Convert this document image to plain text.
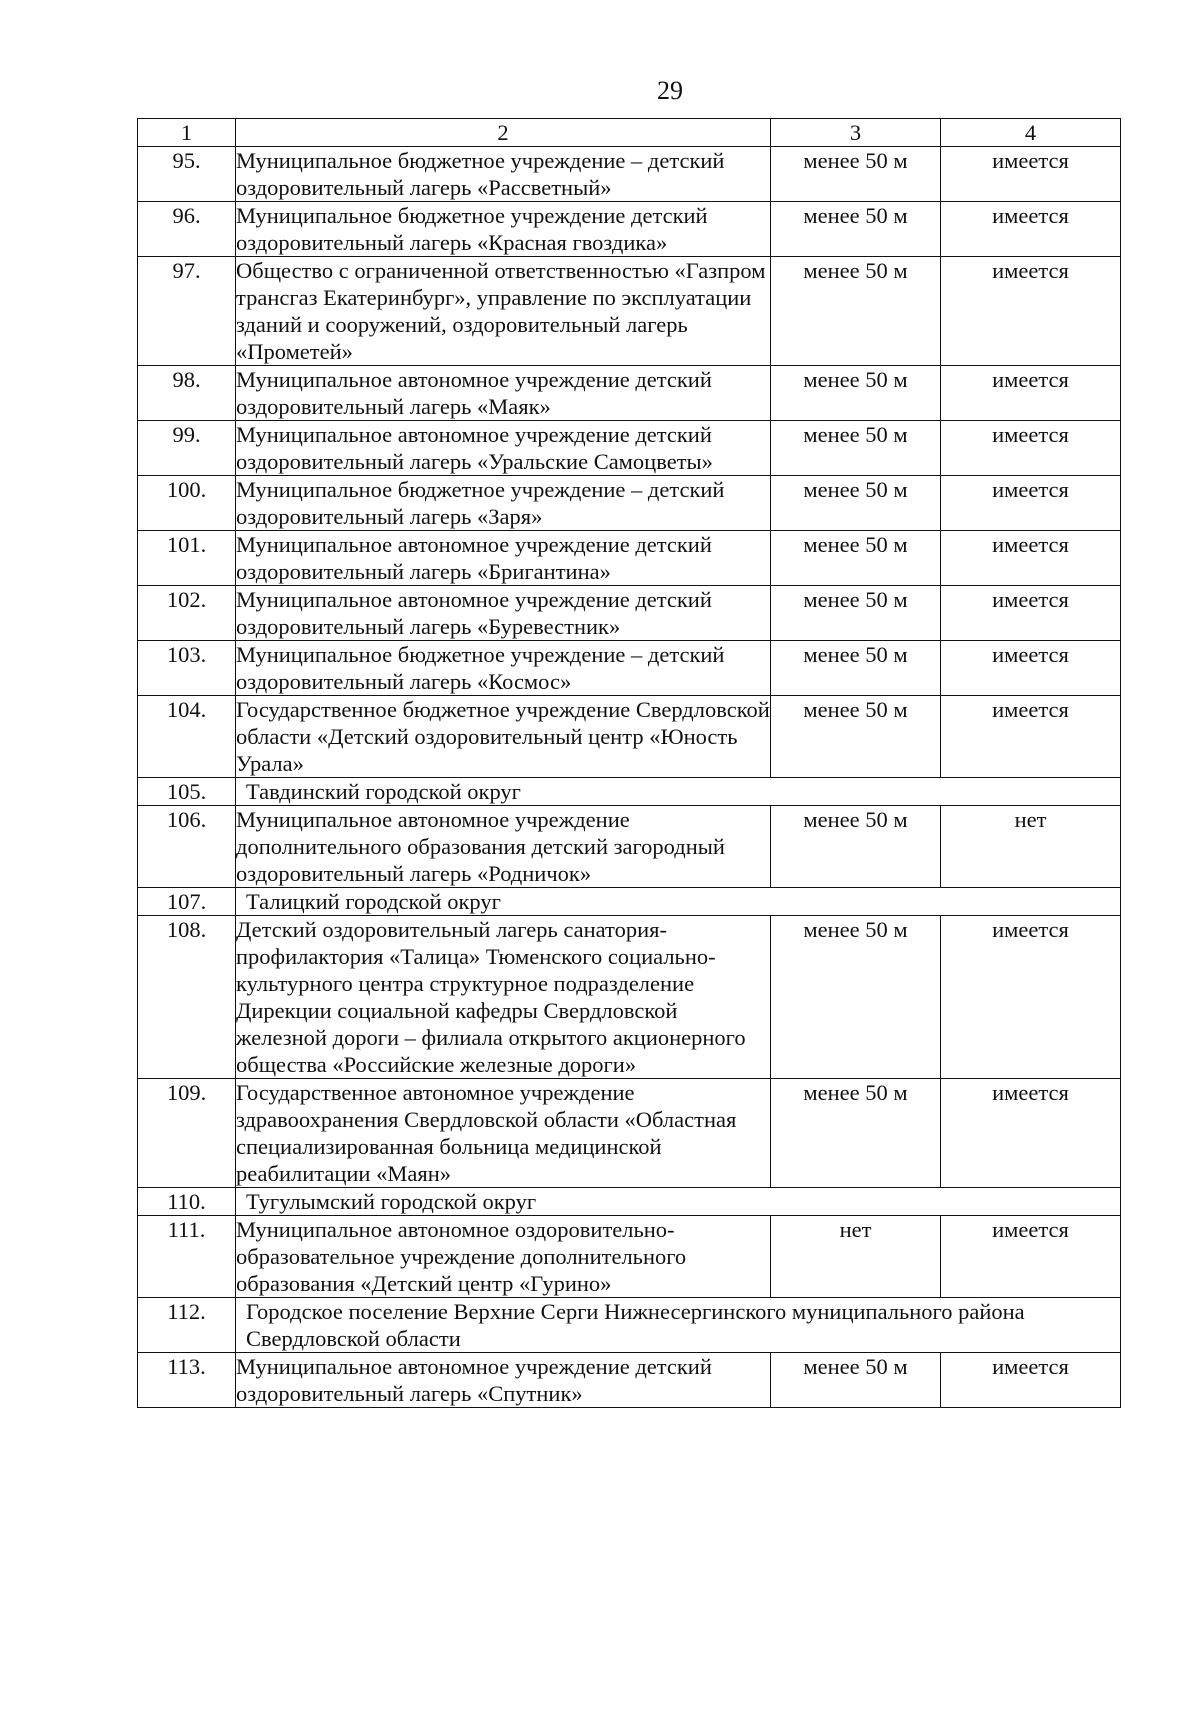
29
1	2	3	4
95.	Муниципальное бюджетное учреждение – детский оздоровительный лагерь «Рассветный»	менее 50 м	имеется
96.	Муниципальное бюджетное учреждение детский оздоровительный лагерь «Красная гвоздика»	менее 50 м	имеется
97.	Общество с ограниченной ответственностью «Газпром трансгаз Екатеринбург», управление по эксплуатации зданий и сооружений, оздоровительный лагерь «Прометей»	менее 50 м	имеется
98.	Муниципальное автономное учреждение детский оздоровительный лагерь «Маяк»	менее 50 м	имеется
99.	Муниципальное автономное учреждение детский оздоровительный лагерь «Уральские Самоцветы»	менее 50 м	имеется
100.	Муниципальное бюджетное учреждение – детский оздоровительный лагерь «Заря»	менее 50 м	имеется
101.	Муниципальное автономное учреждение детский оздоровительный лагерь «Бригантина»	менее 50 м	имеется
102.	Муниципальное автономное учреждение детский оздоровительный лагерь «Буревестник»	менее 50 м	имеется
103.	Муниципальное бюджетное учреждение – детский оздоровительный лагерь «Космос»	менее 50 м	имеется
104.	Государственное бюджетное учреждение Свердловской области «Детский оздоровительный центр «Юность Урала»	менее 50 м	имеется
105.	Тавдинский городской округ		
106.	Муниципальное автономное учреждение дополнительного образования детский загородный оздоровительный лагерь «Родничок»	менее 50 м	нет
107.	Талицкий городской округ		
108.	Детский оздоровительный лагерь санатория-профилактория «Талица» Тюменского социально-культурного центра структурное подразделение Дирекции социальной кафедры Свердловской железной дороги – филиала открытого акционерного общества «Российские железные дороги»	менее 50 м	имеется
109.	Государственное автономное учреждение здравоохранения Свердловской области «Областная специализированная больница медицинской реабилитации «Маян»	менее 50 м	имеется
110.	Тугулымский городской округ		
111.	Муниципальное автономное оздоровительно-образовательное учреждение дополнительного образования «Детский центр «Гурино»	нет	имеется
112.	Городское поселение Верхние Серги Нижнесергинского муниципального района Свердловской области		
113.	Муниципальное автономное учреждение детский оздоровительный лагерь «Спутник»	менее 50 м	имеется
